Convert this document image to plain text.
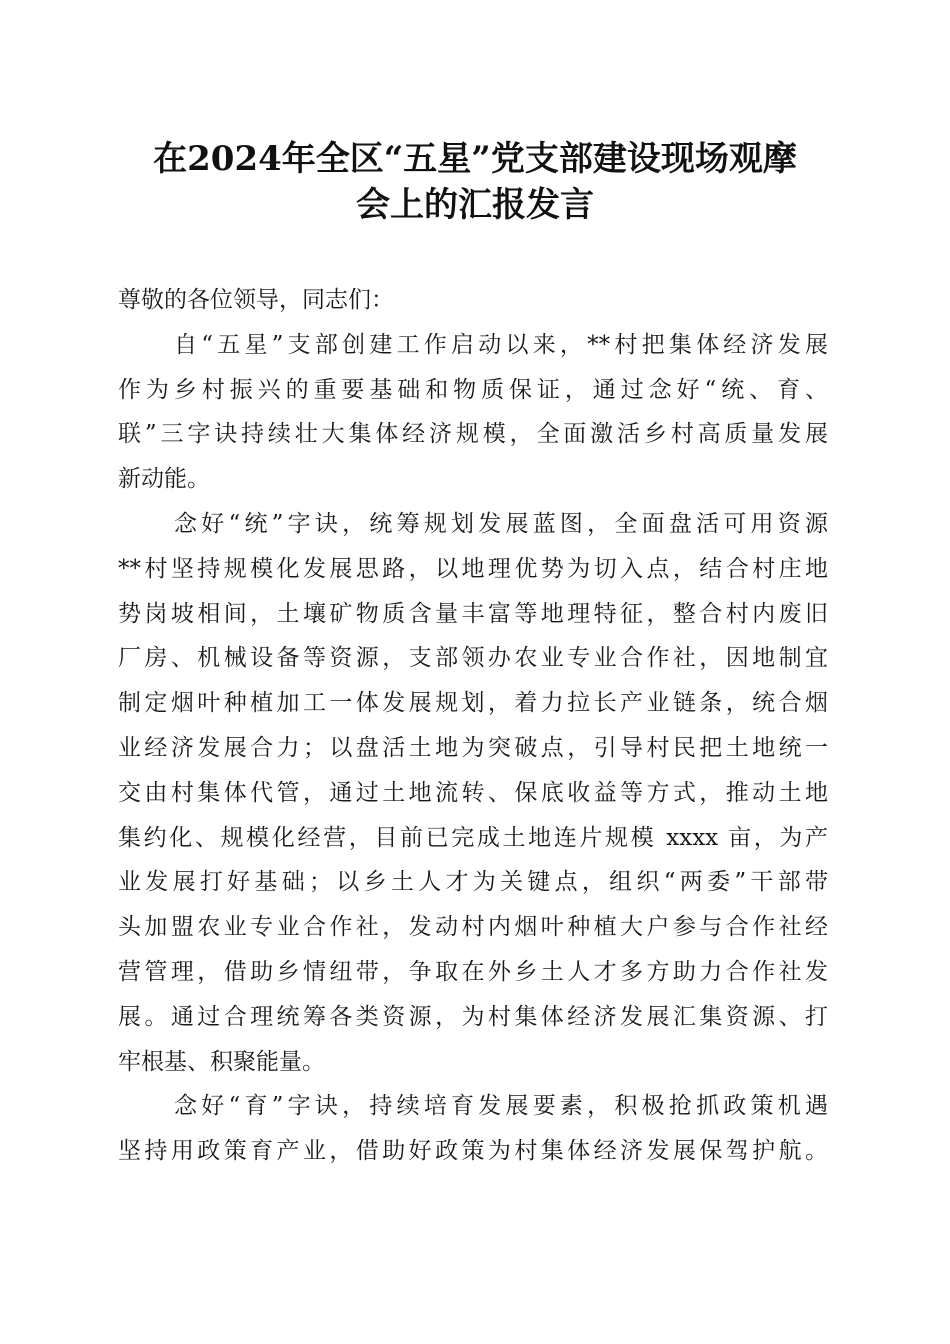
在2024年全区“五星”党支部建设现场观摩
会上的汇报发言

尊敬的各位领导，同志们：

自“五星”支部创建工作启动以来，**村把集体经济发展
作为乡村振兴的重要基础和物质保证，通过念好“统、育、
联”三字诀持续壮大集体经济规模，全面激活乡村高质量发展
新动能。

念好“统”字诀，统筹规划发展蓝图，全面盘活可用资源
**村坚持规模化发展思路，以地理优势为切入点，结合村庄地
势岗坡相间，土壤矿物质含量丰富等地理特征，整合村内废旧
厂房、机械设备等资源，支部领办农业专业合作社，因地制宜
制定烟叶种植加工一体发展规划，着力拉长产业链条，统合烟
业经济发展合力；以盘活土地为突破点，引导村民把土地统一
交由村集体代管，通过土地流转、保底收益等方式，推动土地
集约化、规模化经营，目前已完成土地连片规模 xxxx 亩，为产
业发展打好基础；以乡土人才为关键点，组织“两委”干部带
头加盟农业专业合作社，发动村内烟叶种植大户参与合作社经
营管理，借助乡情纽带，争取在外乡土人才多方助力合作社发
展。通过合理统筹各类资源，为村集体经济发展汇集资源、打
牢根基、积聚能量。

念好“育”字诀，持续培育发展要素，积极抢抓政策机遇
坚持用政策育产业，借助好政策为村集体经济发展保驾护航。
